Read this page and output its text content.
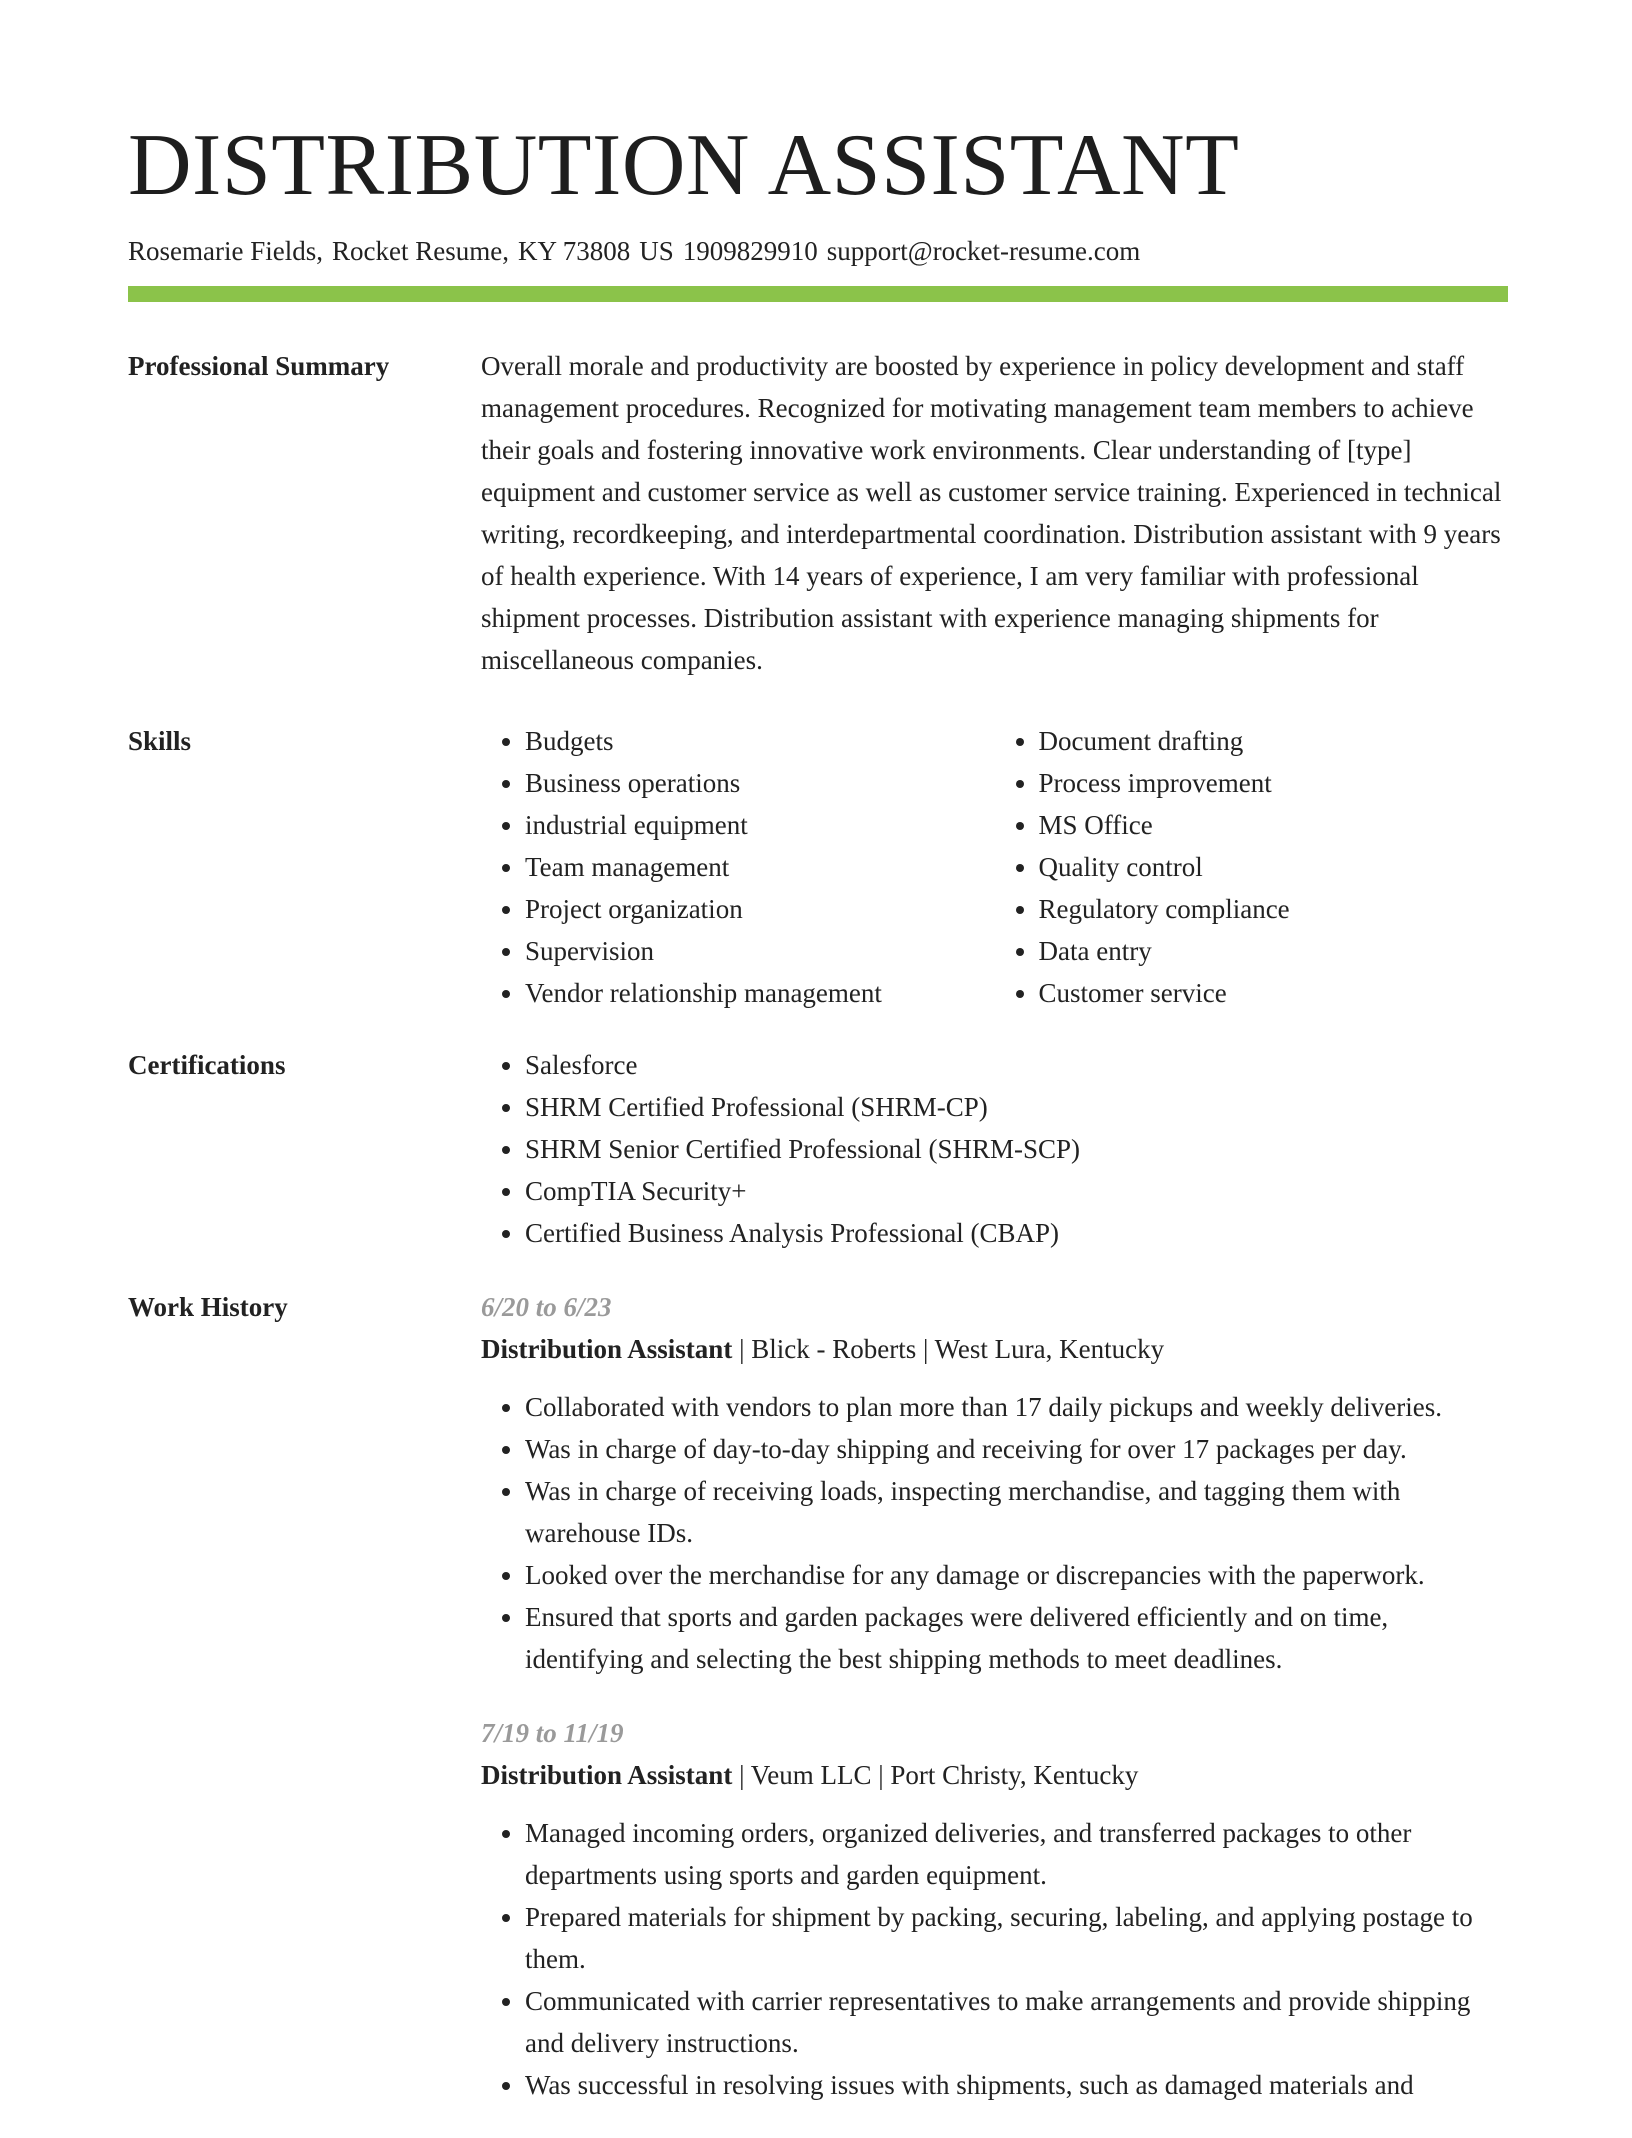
DISTRIBUTION ASSISTANT
Rosemarie Fields, Rocket Resume, KY 73808 US 1909829910 support@rocket-resume.com
Professional Summary	Overall morale and productivity are boosted by experience in policy development and staff management procedures. Recognized for motivating management team members to achieve their goals and fostering innovative work environments. Clear understanding of [type] equipment and customer service as well as customer service training. Experienced in technical writing, recordkeeping, and interdepartmental coordination. Distribution assistant with 9 years of health experience. With 14 years of experience, I am very familiar with professional shipment processes. Distribution assistant with experience managing shipments for miscellaneous companies.

Skills	• Budgets
• Business operations
• industrial equipment
• Team management
• Project organization
• Supervision
• Vendor relationship management
• Document drafting
• Process improvement
• MS Office
• Quality control
• Regulatory compliance
• Data entry
• Customer service
Certifications	• Salesforce
• SHRM Certified Professional (SHRM-CP)
• SHRM Senior Certified Professional (SHRM-SCP)
• CompTIA Security+
• Certified Business Analysis Professional (CBAP)
Work History	6/20 to 6/23
Distribution Assistant | Blick - Roberts | West Lura, Kentucky
• Collaborated with vendors to plan more than 17 daily pickups and weekly deliveries.
• Was in charge of day-to-day shipping and receiving for over 17 packages per day.
• Was in charge of receiving loads, inspecting merchandise, and tagging them with warehouse IDs.
• Looked over the merchandise for any damage or discrepancies with the paperwork.
• Ensured that sports and garden packages were delivered efficiently and on time, identifying and selecting the best shipping methods to meet deadlines.
7/19 to 11/19
Distribution Assistant | Veum LLC | Port Christy, Kentucky
• Managed incoming orders, organized deliveries, and transferred packages to other departments using sports and garden equipment.
• Prepared materials for shipment by packing, securing, labeling, and applying postage to them.
• Communicated with carrier representatives to make arrangements and provide shipping and delivery instructions.
• Was successful in resolving issues with shipments, such as damaged materials and
